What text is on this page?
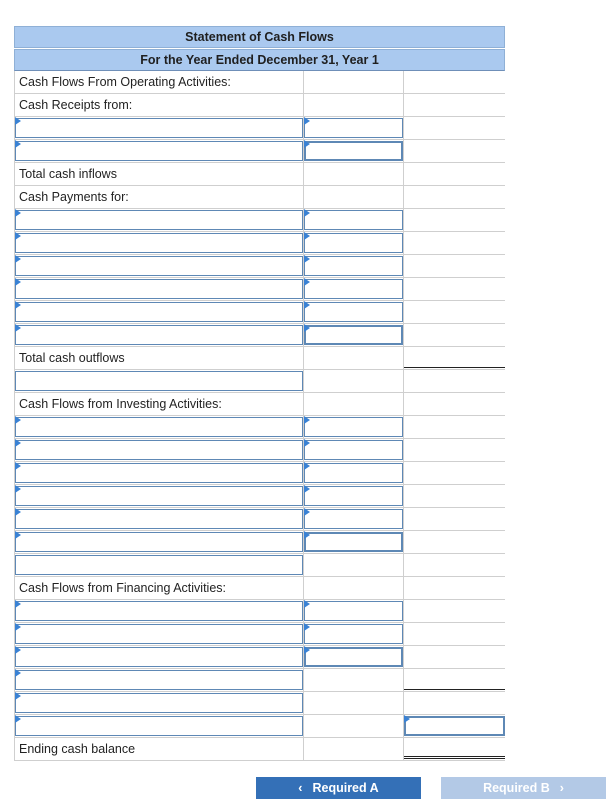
Statement of Cash Flows
For the Year Ended December 31, Year 1
Cash Flows From Operating Activities:
Cash Receipts from:
Total cash inflows
Cash Payments for:
Total cash outflows
Cash Flows from Investing Activities:
Cash Flows from Financing Activities:
Ending cash balance
‹ Required A	Required B ›
